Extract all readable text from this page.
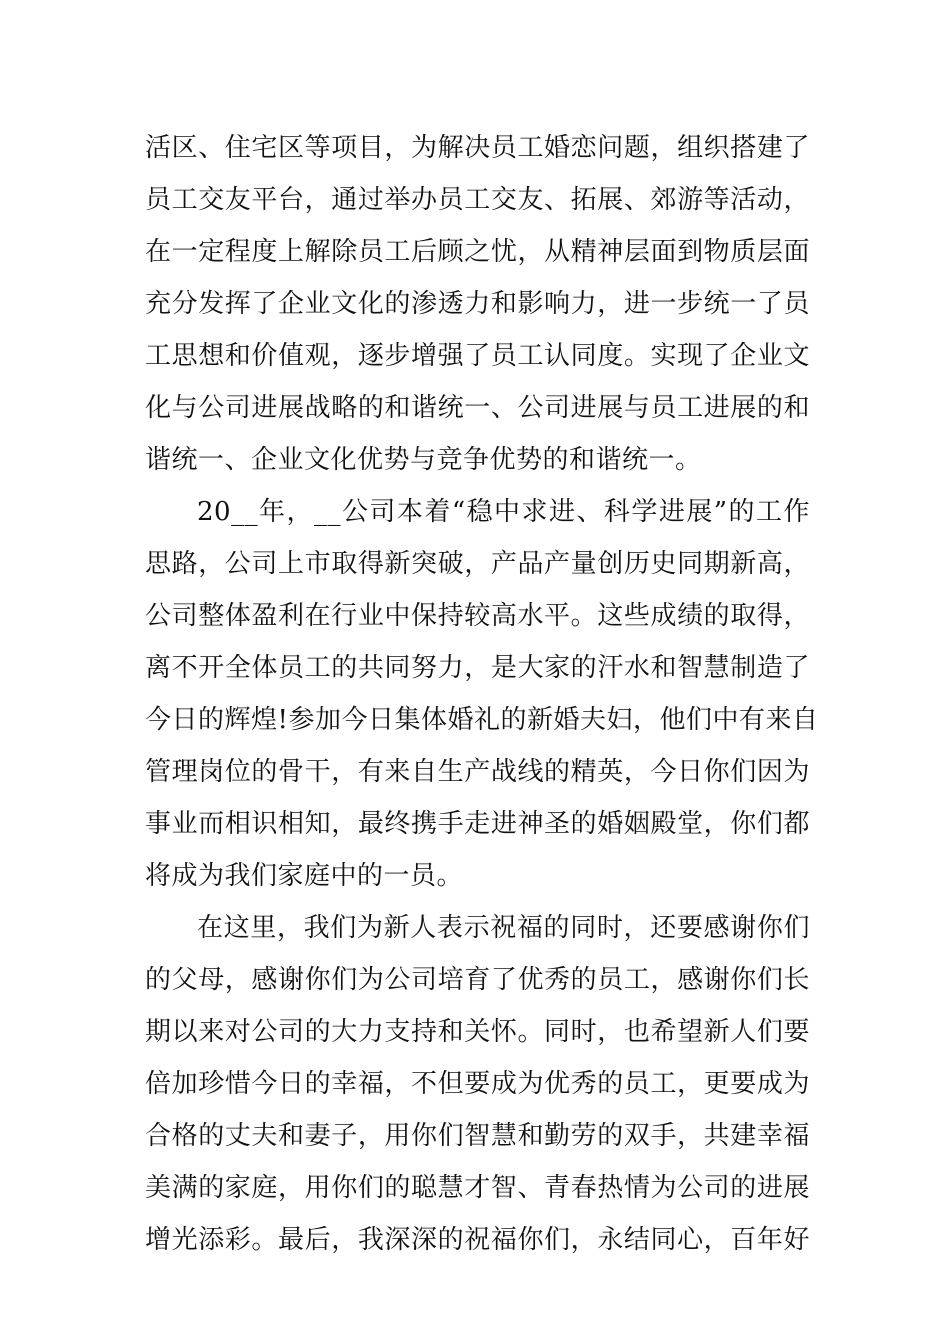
活区、住宅区等项目，为解决员工婚恋问题，组织搭建了
员工交友平台，通过举办员工交友、拓展、郊游等活动，
在一定程度上解除员工后顾之忧，从精神层面到物质层面
充分发挥了企业文化的渗透力和影响力，进一步统一了员
工思想和价值观，逐步增强了员工认同度。实现了企业文
化与公司进展战略的和谐统一、公司进展与员工进展的和
谐统一、企业文化优势与竞争优势的和谐统一。
20__年，__公司本着“稳中求进、科学进展”的工作
思路，公司上市取得新突破，产品产量创历史同期新高，
公司整体盈利在行业中保持较高水平。这些成绩的取得，
离不开全体员工的共同努力，是大家的汗水和智慧制造了
今日的辉煌!参加今日集体婚礼的新婚夫妇，他们中有来自
管理岗位的骨干，有来自生产战线的精英，今日你们因为
事业而相识相知，最终携手走进神圣的婚姻殿堂，你们都
将成为我们家庭中的一员。
在这里，我们为新人表示祝福的同时，还要感谢你们
的父母，感谢你们为公司培育了优秀的员工，感谢你们长
期以来对公司的大力支持和关怀。同时，也希望新人们要
倍加珍惜今日的幸福，不但要成为优秀的员工，更要成为
合格的丈夫和妻子，用你们智慧和勤劳的双手，共建幸福
美满的家庭，用你们的聪慧才智、青春热情为公司的进展
增光添彩。最后，我深深的祝福你们，永结同心，百年好
